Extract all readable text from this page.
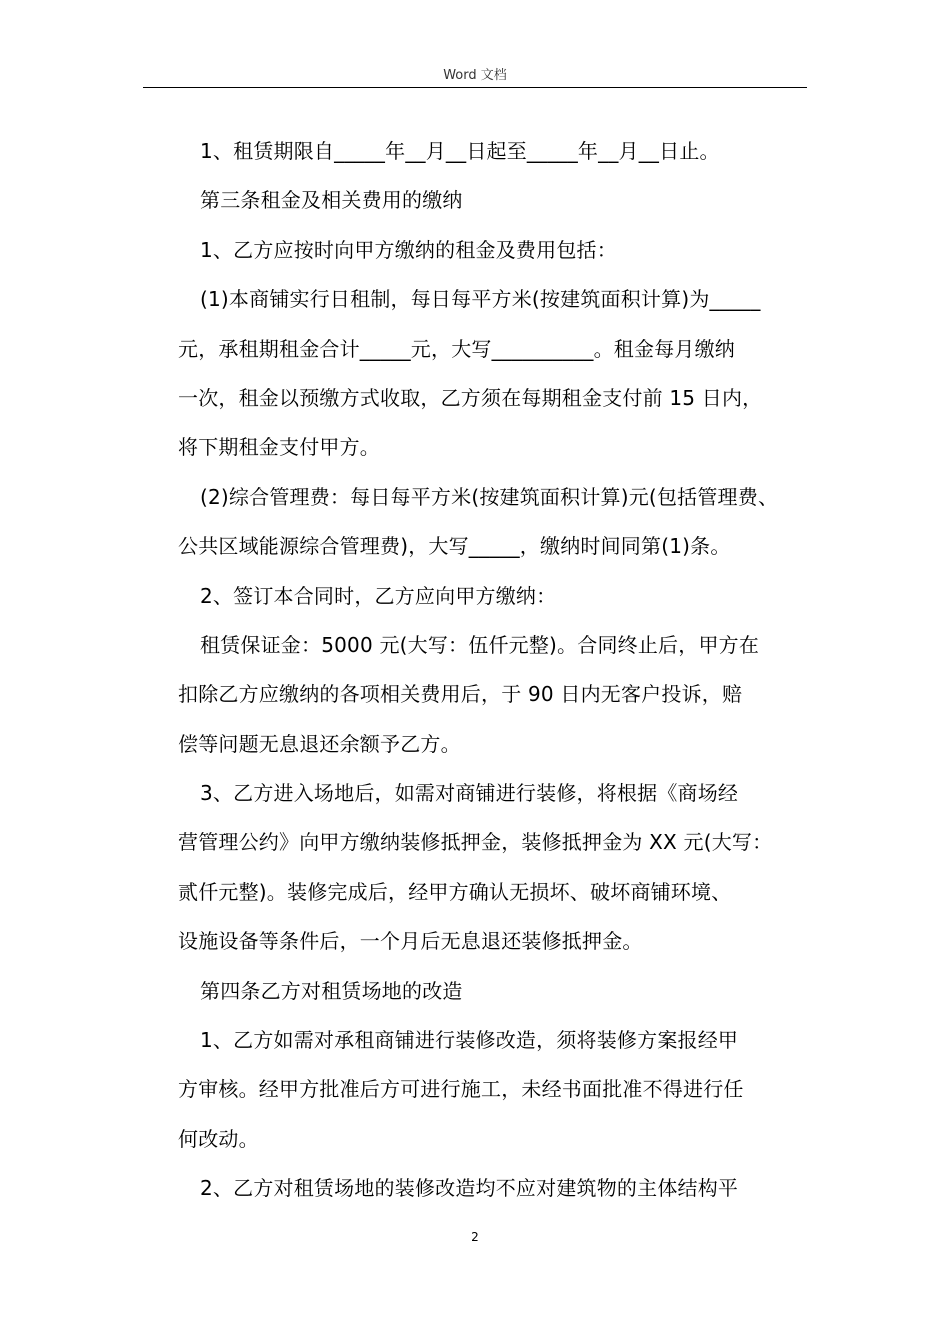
Word 文档
1、租赁期限自_____年__月__日起至_____年__月__日止。
第三条租金及相关费用的缴纳
1、乙方应按时向甲方缴纳的租金及费用包括：
(1)本商铺实行日租制，每日每平方米(按建筑面积计算)为_____
元，承租期租金合计_____元，大写__________。租金每月缴纳
一次，租金以预缴方式收取，乙方须在每期租金支付前 15 日内，
将下期租金支付甲方。
(2)综合管理费：每日每平方米(按建筑面积计算)元(包括管理费、
公共区域能源综合管理费)，大写_____，缴纳时间同第(1)条。
2、签订本合同时，乙方应向甲方缴纳：
租赁保证金：5000 元(大写：伍仟元整)。合同终止后，甲方在
扣除乙方应缴纳的各项相关费用后，于 90 日内无客户投诉，赔
偿等问题无息退还余额予乙方。
3、乙方进入场地后，如需对商铺进行装修，将根据《商场经
营管理公约》向甲方缴纳装修抵押金，装修抵押金为 XX 元(大写：
贰仟元整)。装修完成后，经甲方确认无损坏、破坏商铺环境、
设施设备等条件后，一个月后无息退还装修抵押金。
第四条乙方对租赁场地的改造
1、乙方如需对承租商铺进行装修改造，须将装修方案报经甲
方审核。经甲方批准后方可进行施工，未经书面批准不得进行任
何改动。
2、乙方对租赁场地的装修改造均不应对建筑物的主体结构平
2
